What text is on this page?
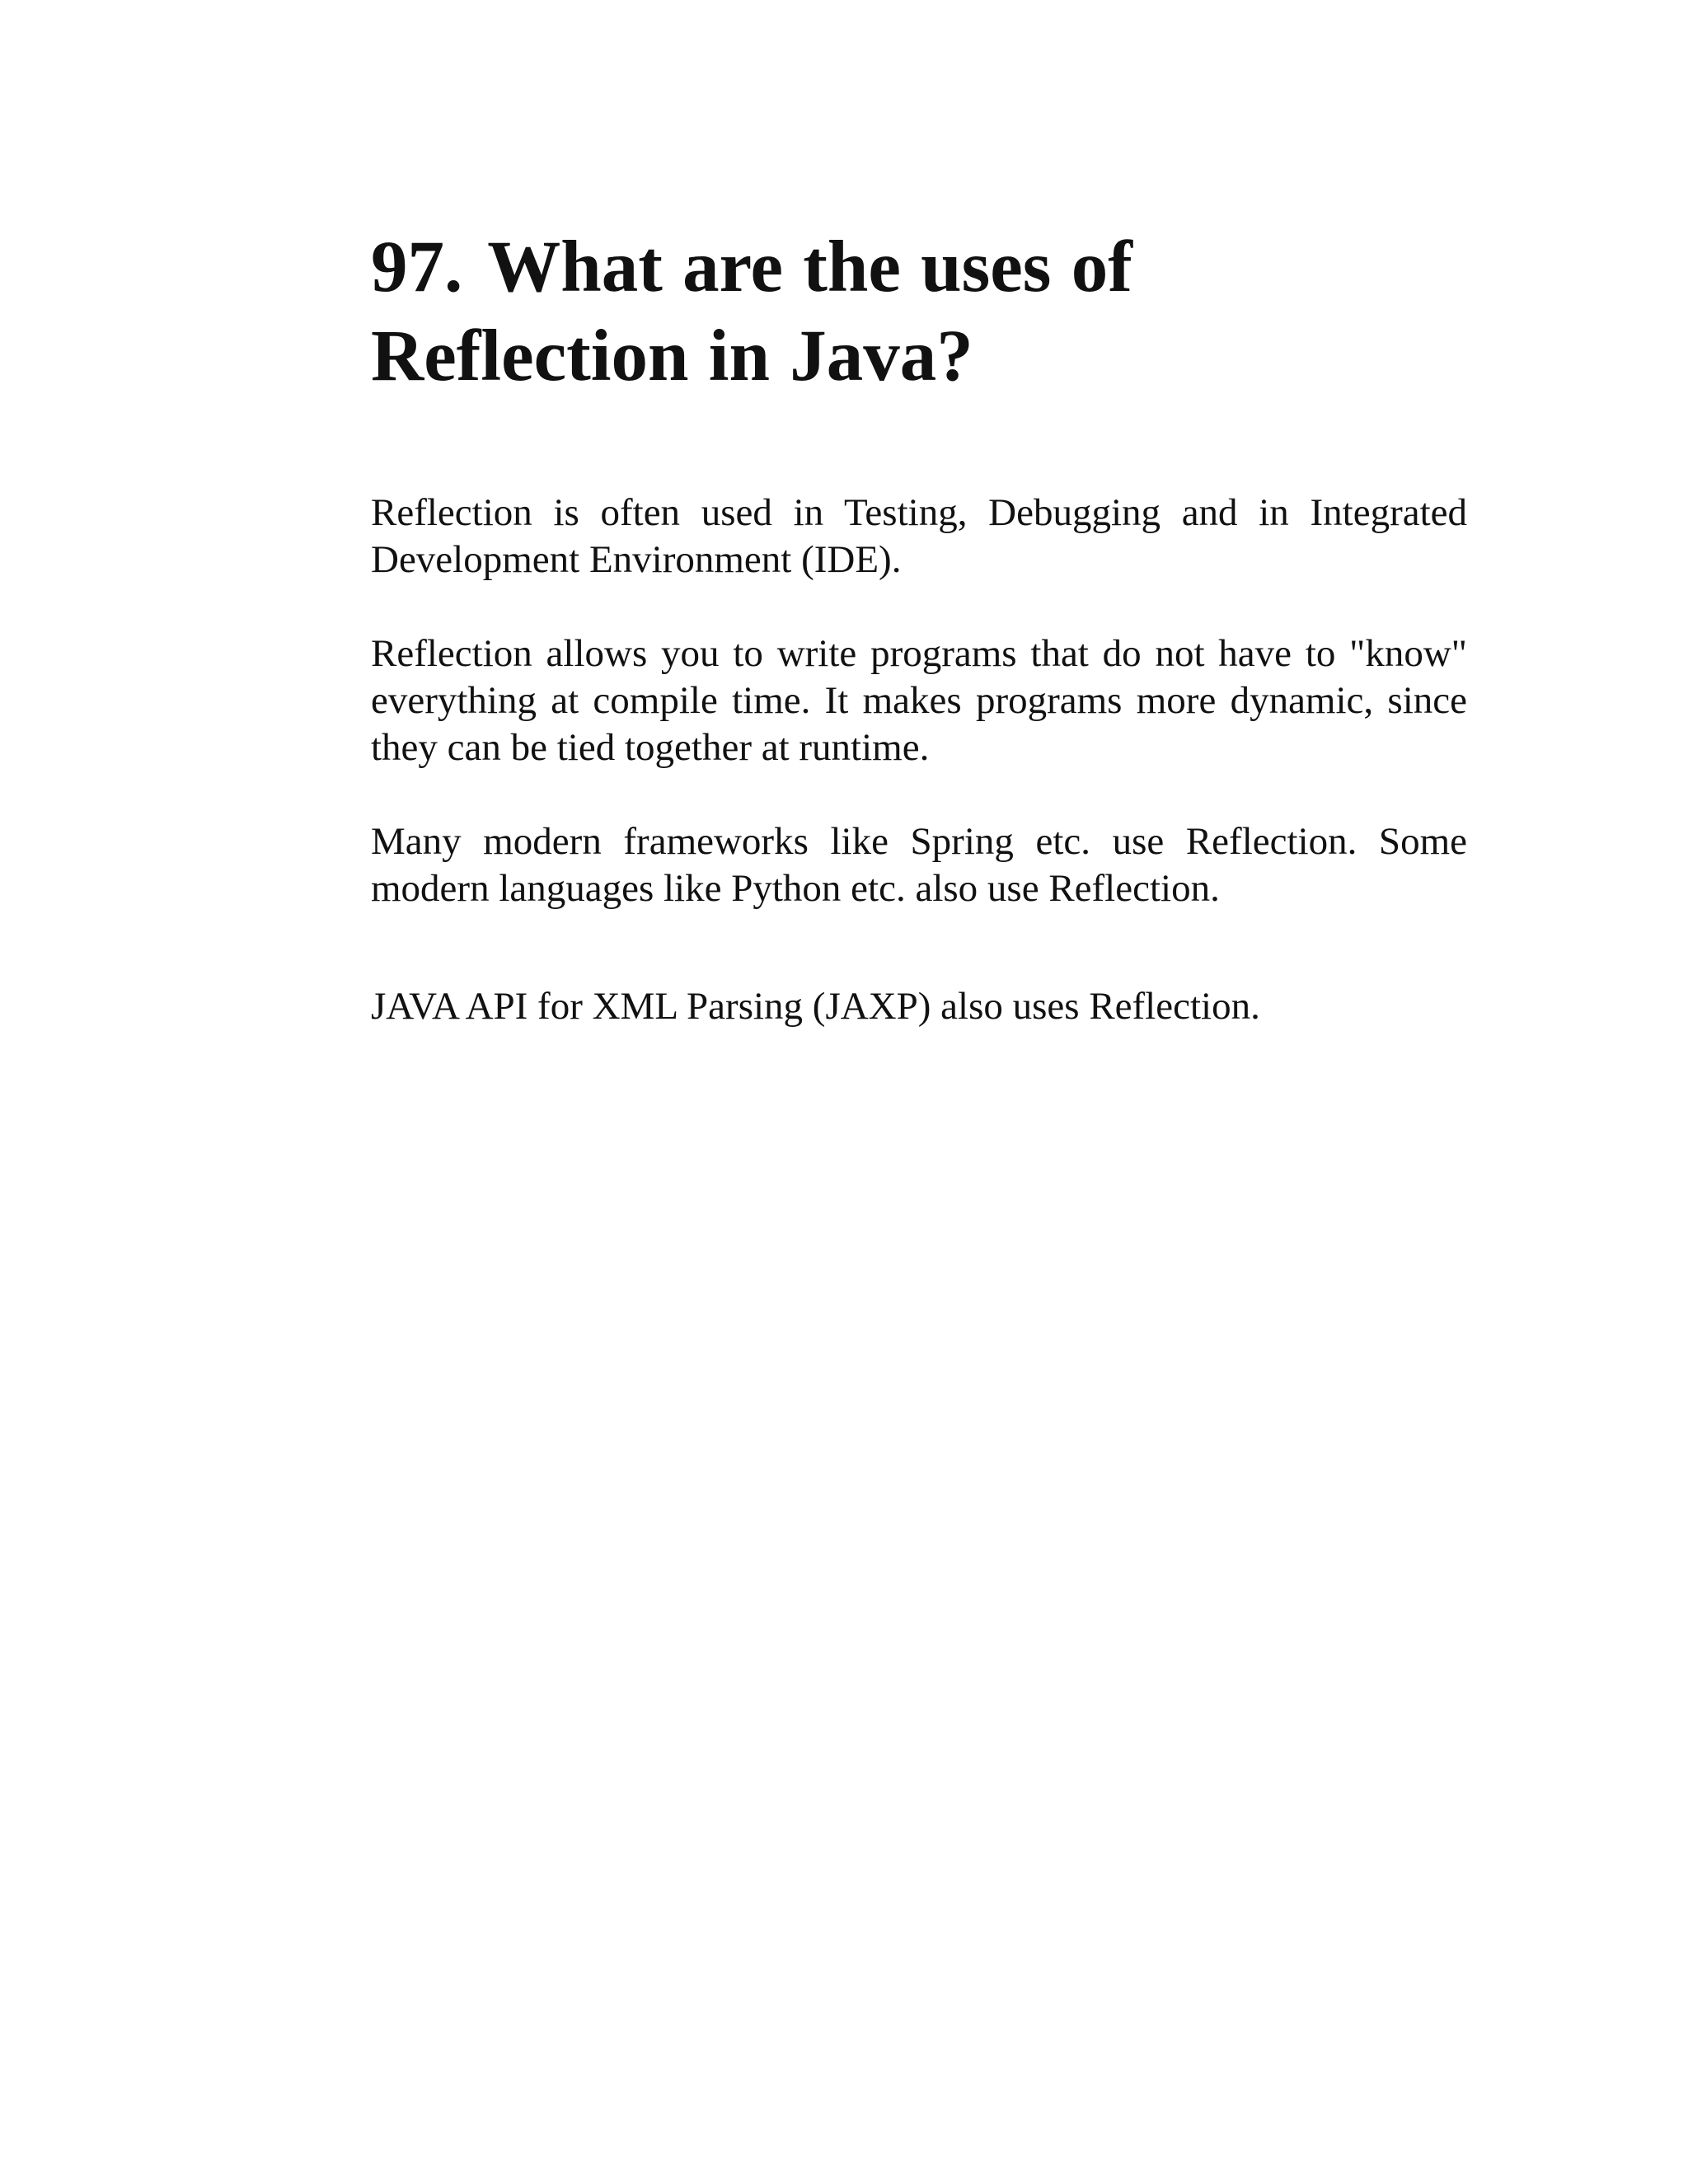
97. What are the uses of Reflection in Java?

Reflection is often used in Testing, Debugging and in Integrated Development Environment (IDE).

Reflection allows you to write programs that do not have to "know" everything at compile time. It makes programs more dynamic, since they can be tied together at runtime.

Many modern frameworks like Spring etc. use Reflection. Some modern languages like Python etc. also use Reflection.

JAVA API for XML Parsing (JAXP) also uses Reflection.
